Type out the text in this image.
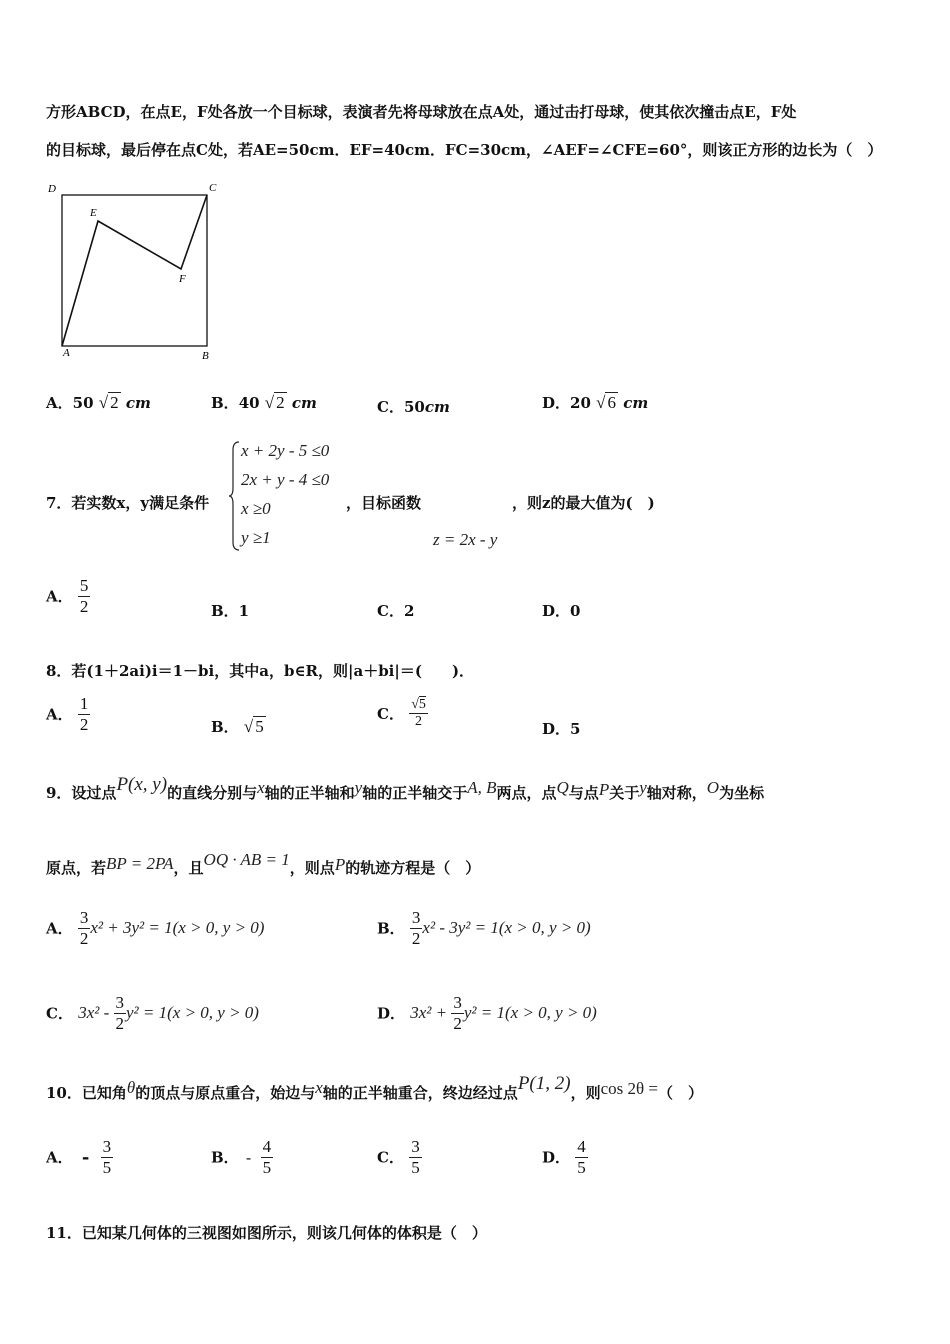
方形ABCD，在点E，F处各放一个目标球，表演者先将母球放在点A处，通过击打母球，使其依次撞击点E，F处
的目标球，最后停在点C处，若AE=50cm．EF=40cm．FC=30cm，∠AEF=∠CFE=60°，则该正方形的边长为（　）
D	C
E
F
A	B
A．50 √ 2 cm	B．40 √ 2 cm	C．50cm	D．20 √ 6 cm
7．若实数x，y满足条件
x + 2y - 5 ≤0
2x + y - 4 ≤0
x ≥0
y ≥1
，目标函数	，则z的最大值为(　)
z = 2x - y
A． $\frac{5}{2}$	B．1	C．2	D．0
8．若(1＋2ai)i＝1－bi，其中a，b∈R，则|a＋bi|＝(　　)．
A． $\frac{1}{2}$	B． √ 5
C． $\frac{√5}{2}$	D．5
9．设过点P(x, y)的直线分别与x轴的正半轴和y轴的正半轴交于A, B两点，点Q与点P关于y轴对称，O为坐标
原点，若BP = 2PA，且OQ · AB = 1，则点P的轨迹方程是（　）
A． $\frac{3}{2} x^2 + 3y^2 = 1(x > 0$, y > 0)	B． $\frac{3}{2} x^2 - 3y^2 = 1(x > 0$, y > 0)
C． $3x^2 - \frac{3}{2} y^2 = 1(x > 0$, y > 0)	D． $3x^2 + \frac{3}{2} y^2 = 1(x > 0$, y > 0)
10．已知角θ的顶点与原点重合，始边与x轴的正半轴重合，终边经过点P(1, 2)，则cos 2θ =（　）
A． - $\frac{3}{5}$	B． - $\frac{4}{5}$	C． $\frac{3}{5}$	D． $\frac{4}{5}$
11．已知某几何体的三视图如图所示，则该几何体的体积是（　）
